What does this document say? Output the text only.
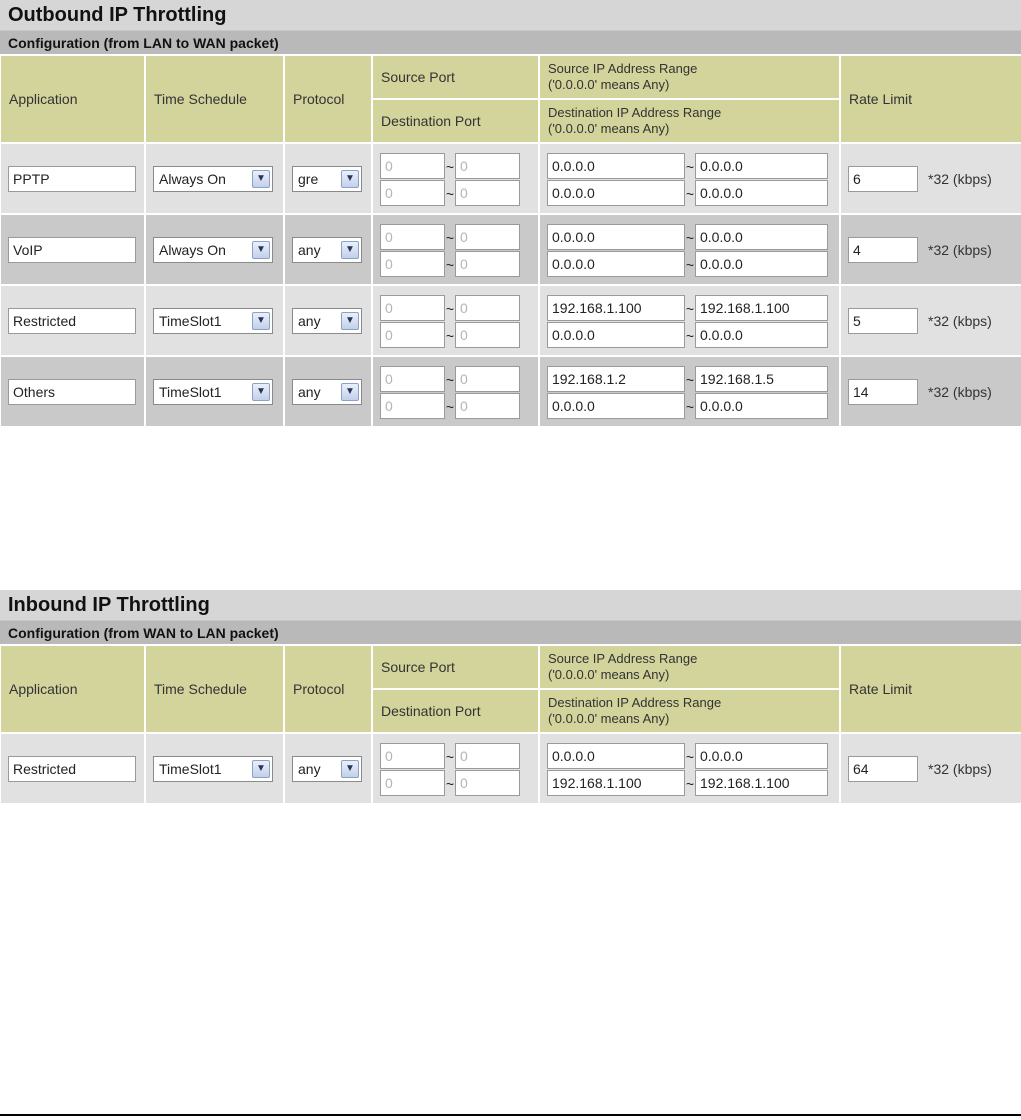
Outbound IP Throttling
Configuration (from LAN to WAN packet)
Application	Time Schedule	Protocol	Source Port	Source IP Address Range
('0.0.0.0' means Any)	Rate Limit
			Destination Port	Destination IP Address Range
('0.0.0.0' means Any)	

PPTP	Always On ▼	gre ▼	0 ~ 0	0.0.0.0 ~ 0.0.0.0	6 *32 (kbps)
			0 ~ 0	0.0.0.0 ~ 0.0.0.0	
VoIP	Always On ▼	any ▼	0 ~ 0	0.0.0.0 ~ 0.0.0.0	4 *32 (kbps)
			0 ~ 0	0.0.0.0 ~ 0.0.0.0	
Restricted	TimeSlot1 ▼	any ▼	0 ~ 0	192.168.1.100 ~ 192.168.1.100	5 *32 (kbps)
			0 ~ 0	0.0.0.0 ~ 0.0.0.0	
Others	TimeSlot1 ▼	any ▼	0 ~ 0	192.168.1.2 ~ 192.168.1.5	14 *32 (kbps)
			0 ~ 0	0.0.0.0 ~ 0.0.0.0	
Inbound IP Throttling
Configuration (from WAN to LAN packet)
Application	Time Schedule	Protocol	Source Port	Source IP Address Range
('0.0.0.0' means Any)	Rate Limit
			Destination Port	Destination IP Address Range
('0.0.0.0' means Any)	

Restricted	TimeSlot1 ▼	any ▼	0 ~ 0	0.0.0.0 ~ 0.0.0.0	64 *32 (kbps)
			0 ~ 0	192.168.1.100 ~ 192.168.1.100	
